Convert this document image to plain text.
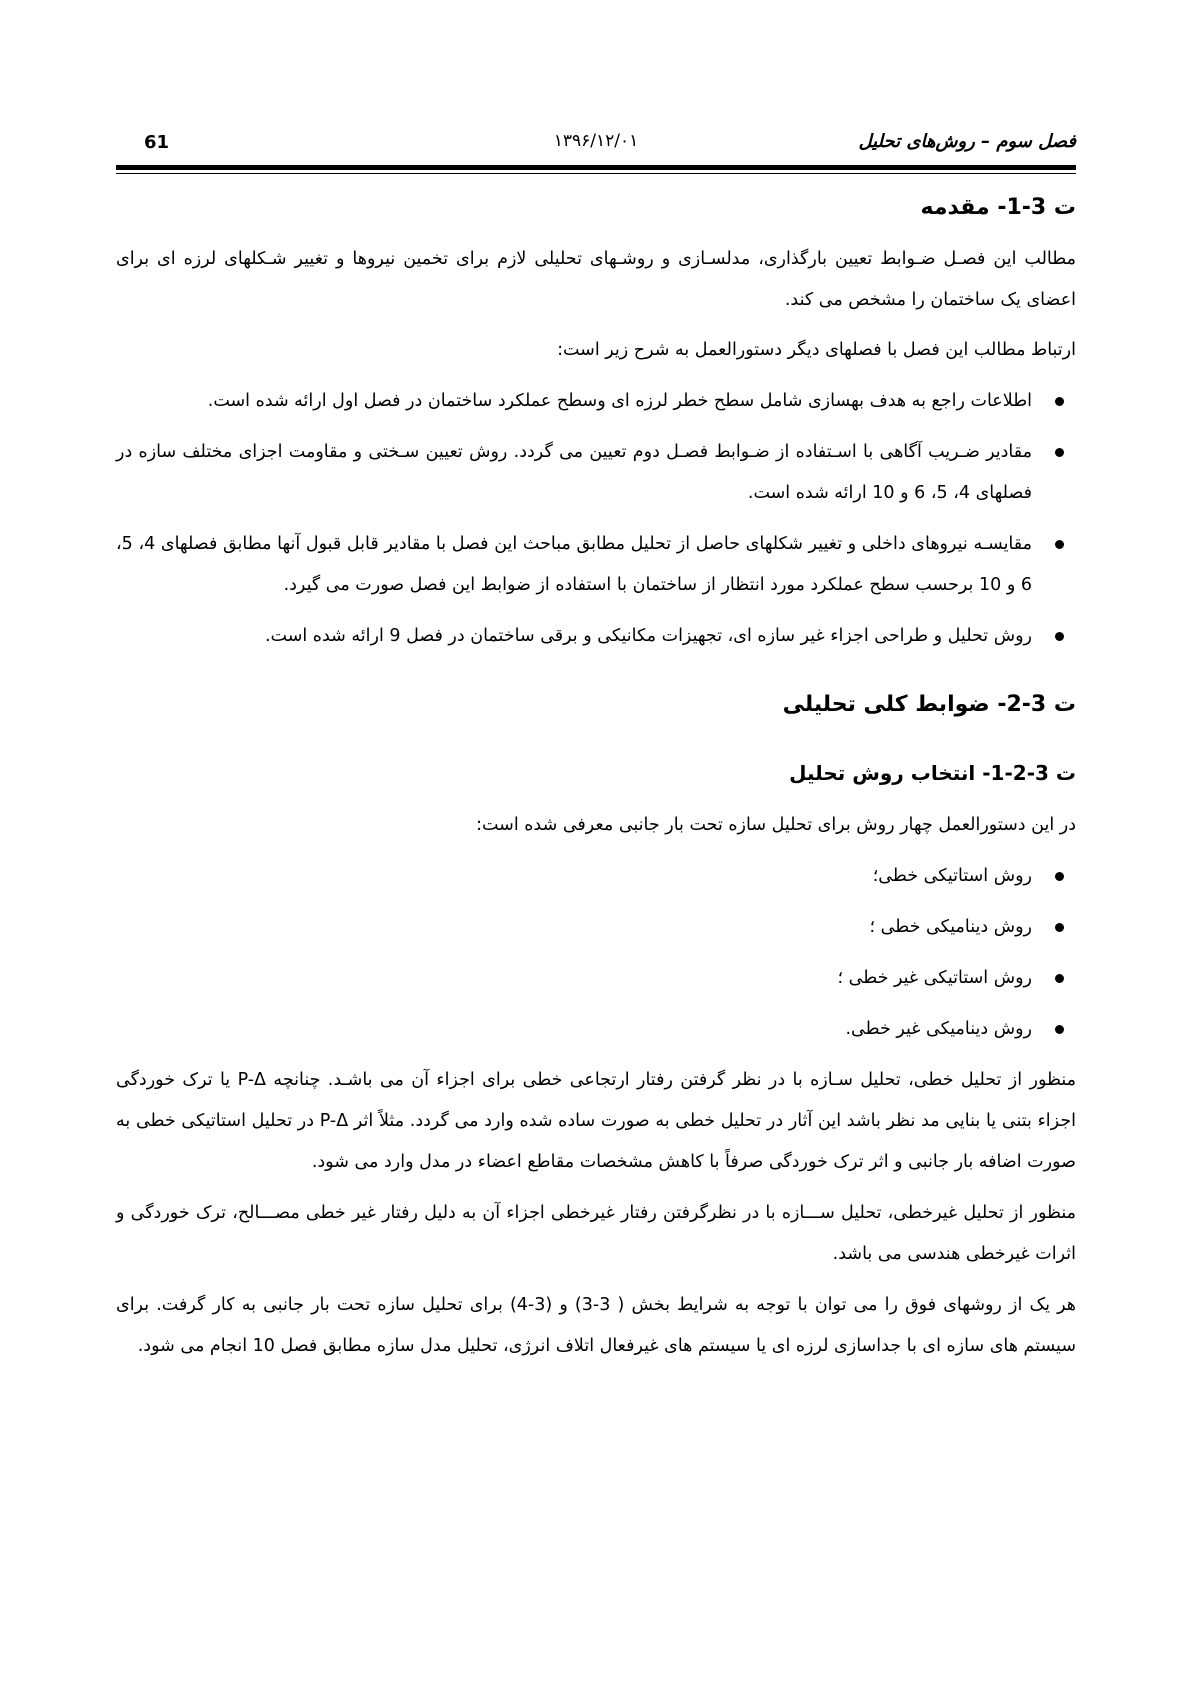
61	۱۳۹۶/۱۲/۰۱	فصل سوم – روش‌های تحلیل
ت 3-1- مقدمه

مطالب این فصـل ضـوابط تعیین بارگذاری، مدلسـازی و روشـهای تحلیلی لازم برای تخمین نیروها و تغییر شـکلهای لرزه ای برای اعضای یک ساختمان را مشخص می کند.

ارتباط مطالب این فصل با فصلهای دیگر دستورالعمل به شرح زیر است:

اطلاعات راجع به هدف بهسازی شامل سطح خطر لرزه ای وسطح عملکرد ساختمان در فصل اول ارائه شده است.
مقادیر ضـریب آگاهی با اسـتفاده از ضـوابط فصـل دوم تعیین می گردد. روش تعیین سـختی و مقاومت اجزای مختلف سازه در فصلهای 4، 5، 6 و 10 ارائه شده است.
مقایسـه نیروهای داخلی و تغییر شکلهای حاصل از تحلیل مطابق مباحث این فصل با مقادیر قابل قبول آنها مطابق فصلهای 4، 5، 6 و 10 برحسب سطح عملکرد مورد انتظار از ساختمان با استفاده از ضوابط این فصل صورت می گیرد.
روش تحلیل و طراحی اجزاء غیر سازه ای، تجهیزات مکانیکی و برقی ساختمان در فصل 9 ارائه شده است.
ت 3-2- ضوابط کلی تحلیلی
ت 3-2-1- انتخاب روش تحلیل

در این دستورالعمل چهار روش برای تحلیل سازه تحت بار جانبی معرفی شده است:

روش استاتیکی خطی؛
روش دینامیکی خطی ؛
روش استاتیکی غیر خطی ؛
روش دینامیکی غیر خطی.

منظور از تحلیل خطی، تحلیل سـازه با در نظر گرفتن رفتار ارتجاعی خطی برای اجزاء آن می باشـد. چنانچه P-Δ یا ترک خوردگی اجزاء بتنی یا بنایی مد نظر باشد این آثار در تحلیل خطی به صورت ساده شده وارد می گردد. مثلاً اثر P-Δ در تحلیل استاتیکی خطی به صورت اضافه بار جانبی و اثر ترک خوردگی صرفاً با کاهش مشخصات مقاطع اعضاء در مدل وارد می شود.

منظور از تحلیل غیرخطی، تحلیل ســـازه با در نظرگرفتن رفتار غیرخطی اجزاء آن به دلیل رفتار غیر خطی مصـــالح، ترک خوردگی و اثرات غیرخطی هندسی می باشد.

هر یک از روشهای فوق را می توان با توجه به شرایط بخش ( 3-3) و (3-4) برای تحلیل سازه تحت بار جانبی به کار گرفت. برای سیستم های سازه ای با جداسازی لرزه ای یا سیستم های غیرفعال اتلاف انرژی، تحلیل مدل سازه مطابق فصل 10 انجام می شود.
